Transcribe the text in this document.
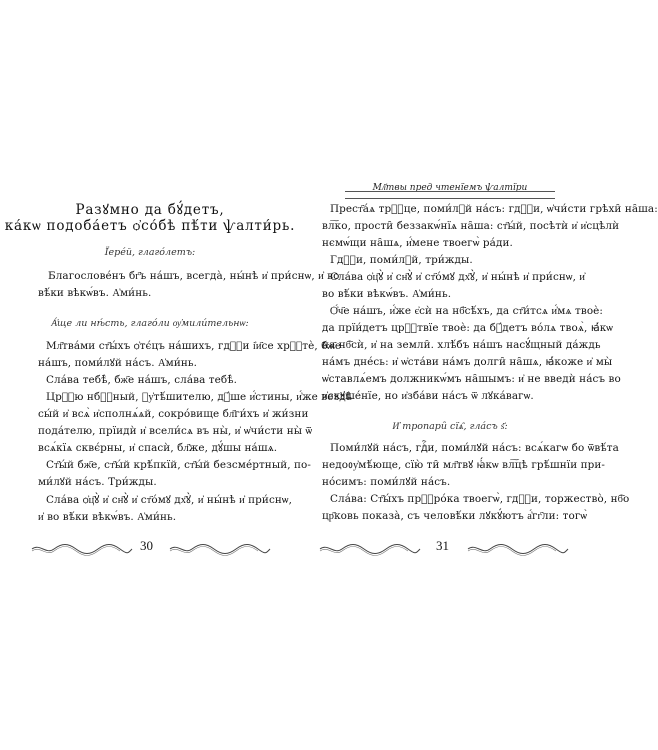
Разꙋмно да бꙋ́детъ,
ка́кѡ подоба́етъ ѻ҆со́бѣ пѣ́ти ѱалти́рь.
Їере́й, глаго́летъ:
Благослове́нъ бг҃ъ на́шъ, всегда̀, ны́нѣ и҆ при́снѡ, и҆ во
вѣ́ки вѣкѡ́въ. А҆ми́нь.
А҆́ще ли нѣ́сть, глаго́ли ѹ҆мили́тельнѡ:
Мл҃тва́ми ст҃ы́хъ ѻ҆тє́цъ на́шихъ, гдⷭ҇и і҆и҃се хрⷭ҇тѐ, бж҃е
на́шъ, поми́лꙋй на́съ. А҆ми́нь.
Сла́ва тебѣ̀, бж҃е на́шъ, сла́ва тебѣ̀.
Црⷭ҇ю нбⷭ҇ный, ᲂу҆тѣ́шителю, дꙋ́ше и҆́стины, и҆́же вездѣ̀
сы́й и҆ всѧ̀ и҆сполнѧ́ѧй, сокро́вище бл҃ги́хъ и҆ жи́зни
пода́телю, прїидѝ и҆ всели́сѧ въ ны̀, и҆ ѡ҆чи́сти ны̀ ѿ
всѧ́кїѧ сквє́рны, и҆ спасѝ, бл҃же, дꙋ́шы на́шѧ.
Ст҃ы́й бж҃е, ст҃ы́й крѣ́пкїй, ст҃ы́й безсме́ртный, по-
ми́лꙋй на́съ. Три́жды.
Сла́ва ѻ҆ц҃ꙋ̀ и҆ сн҃ꙋ̀ и҆ ст҃о́мꙋ дх҃ꙋ̀, и҆ ны́нѣ и҆ при́снѡ,
и҆ во вѣ́ки вѣкѡ́въ. А҆ми́нь.
30
Мл҃твы пред чтенїемъ ѱалтїри
Прест҃а́ѧ трⷪ҇це, поми́лꙋй на́съ: гдⷭ҇и, ѡ҆чи́сти грѣхи̑ на̑ша:
вл͠ко, прости̑ беззакѡ́нїѧ на̑ша: ст҃ы́й, посѣтѝ и҆ и҆сцѣлѝ
нємѡ́щи на̑шѧ, и҆́мене твоегѡ̀ ра́ди.
Гдⷭ҇и, поми́лꙋй, три́жды.
Сла́ва ѻ҆ц҃ꙋ̀ и҆ сн҃ꙋ̀ и҆ ст҃о́мꙋ дх҃ꙋ̀, и҆ ны́нѣ и҆ при́снѡ, и҆
во вѣ́ки вѣкѡ́въ. А҆ми́нь.
Ѻ҆́ч҃е на́шъ, и҆́же є҆сѝ на нб҃cѣ́хъ, да ст҃и́тсѧ и҆́мѧ твоѐ:
да прїи́детъ црⷭ҇твїе твоѐ: да бꙋ́детъ во́лѧ твоѧ̀, ꙗ҆́кѡ
на нб҃сѝ, и҆ на земли̑. хлѣ́бъ на́шъ насꙋ́щный да́ждь
на́мъ дне́сь: и҆ ѡ҆ста́ви на́мъ долги̑ на̑шѧ, ꙗ҆́коже и҆ мы̀
ѡ҆ставлѧ́емъ должникѡ́мъ на̑шымъ: и҆ не введѝ на́съ во
и҆скꙋше́нїе, но и҆зба́ви на́съ ѿ лꙋка́вагѡ.
И҆ тропари̑ сїѧ̑, гла́съ ѕ҃:
Поми́лꙋй на́съ, гдⷭ҇и, поми́лꙋй на́съ: всѧ́кагѡ бо ѿвѣ́та
недоᲂу҆мѣ́юще, сїю̀ ти̑ мл҃твꙋ ꙗ҆́кѡ вл͠цѣ грѣ́шнїи при-
но́симъ: поми́лꙋй на́съ.
Сла́ва: Ст҃ы́хъ прⷪ҇ро́ка твоегѡ̀, гдⷭ҇и, торжество̀, нб҃о
цр҃ковь показа̀, съ человѣ́ки лꙋкꙋ́ютъ а҆́гг҃ли: тогѡ̀
31
